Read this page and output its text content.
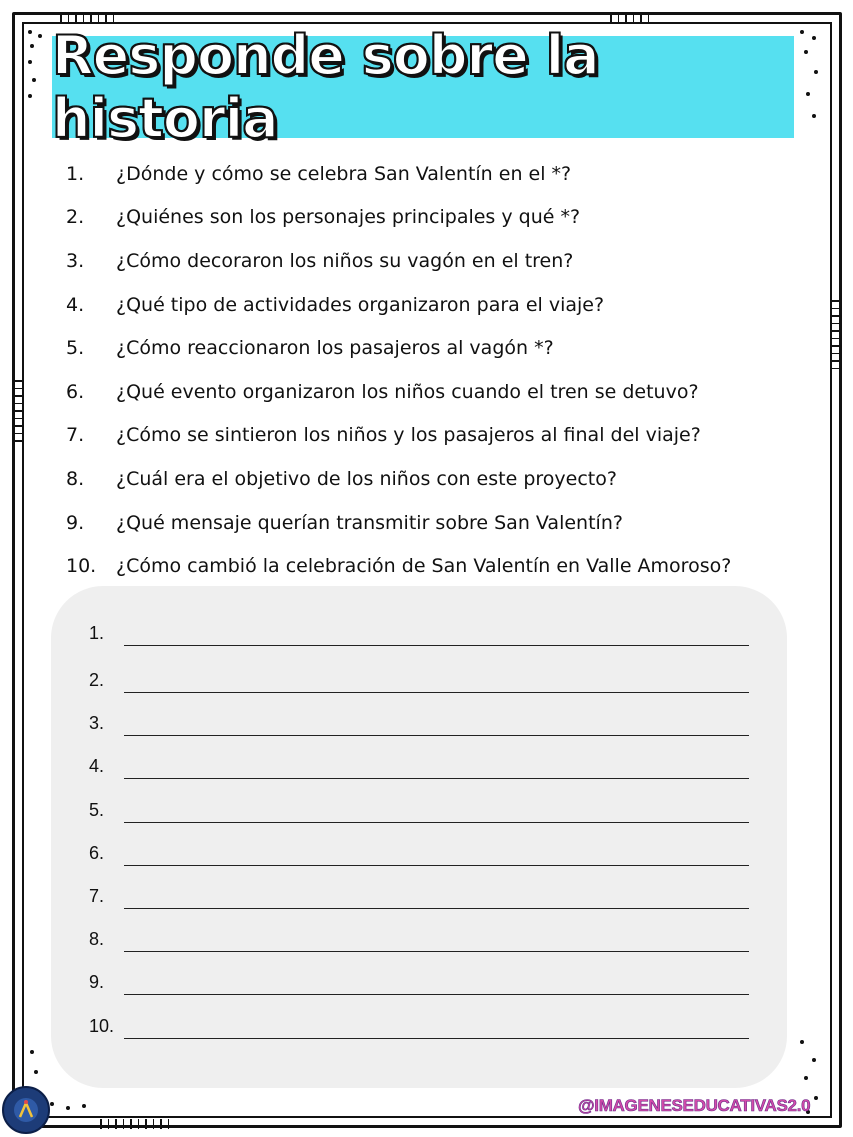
Responde sobre la historia
1.	¿Dónde y cómo se celebra San Valentín en el *?
2.	¿Quiénes son los personajes principales y qué *?
3.	¿Cómo decoraron los niños su vagón en el tren?
4.	¿Qué tipo de actividades organizaron para el viaje?
5.	¿Cómo reaccionaron los pasajeros al vagón *?
6.	¿Qué evento organizaron los niños cuando el tren se detuvo?
7.	¿Cómo se sintieron los niños y los pasajeros al final del viaje?
8.	¿Cuál era el objetivo de los niños con este proyecto?
9.	¿Qué mensaje querían transmitir sobre San Valentín?
10.	¿Cómo cambió la celebración de San Valentín en Valle Amoroso?
1.
2.
3.
4.
5.
6.
7.
8.
9.
10.
@IMAGENESEDUCATIVAS2.0
